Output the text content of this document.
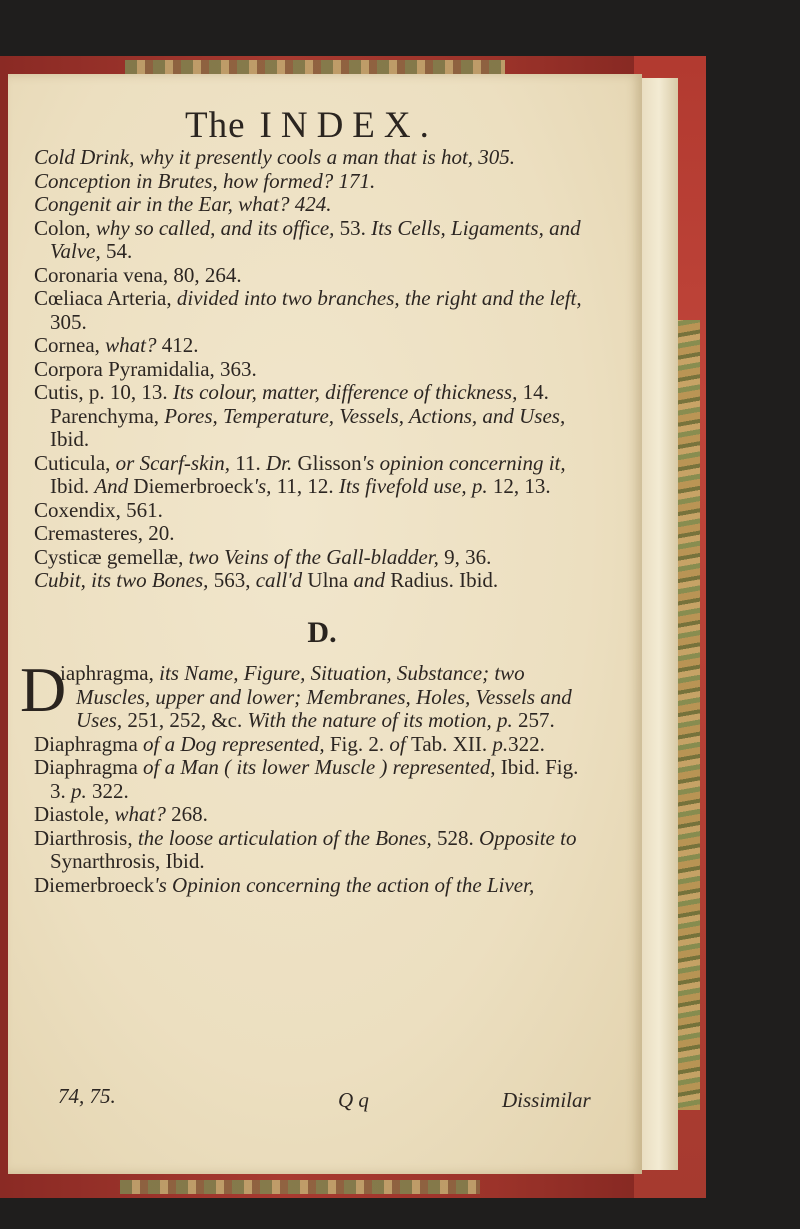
74, 75.	Q q	Dissimilar
The INDEX.
Cold Drink, why it presently cools a man that is hot, 305.
Conception in Brutes, how formed? 171.
Congenit air in the Ear, what? 424.
Colon, why so called, and its office, 53. Its Cells, Ligaments, and Valve, 54.
Coronaria vena, 80, 264.
Cœliaca Arteria, divided into two branches, the right and the left, 305.
Cornea, what? 412.
Corpora Pyramidalia, 363.
Cutis, p. 10, 13. Its colour, matter, difference of thickness, 14. Parenchyma, Pores, Temperature, Vessels, Actions, and Uses, Ibid.
Cuticula, or Scarf-skin, 11. Dr. Glisson's opinion concerning it, Ibid. And Diemerbroeck's, 11, 12. Its fivefold use, p. 12, 13.
Coxendix, 561.
Cremasteres, 20.
Cysticæ gemellæ, two Veins of the Gall-bladder, 9, 36.
Cubit, its two Bones, 563, call'd Ulna and Radius. Ibid.
D.
D
iaphragma, its Name, Figure, Situation, Substance; two Muscles, upper and lower; Membranes, Holes, Vessels and Uses, 251, 252, &c. With the nature of its motion, p. 257.
Diaphragma of a Dog represented, Fig. 2. of Tab. XII. p.322.
Diaphragma of a Man ( its lower Muscle ) represented, Ibid. Fig. 3. p. 322.
Diastole, what? 268.
Diarthrosis, the loose articulation of the Bones, 528. Opposite to Synarthrosis, Ibid.
Diemerbroeck's Opinion concerning the action of the Liver,
